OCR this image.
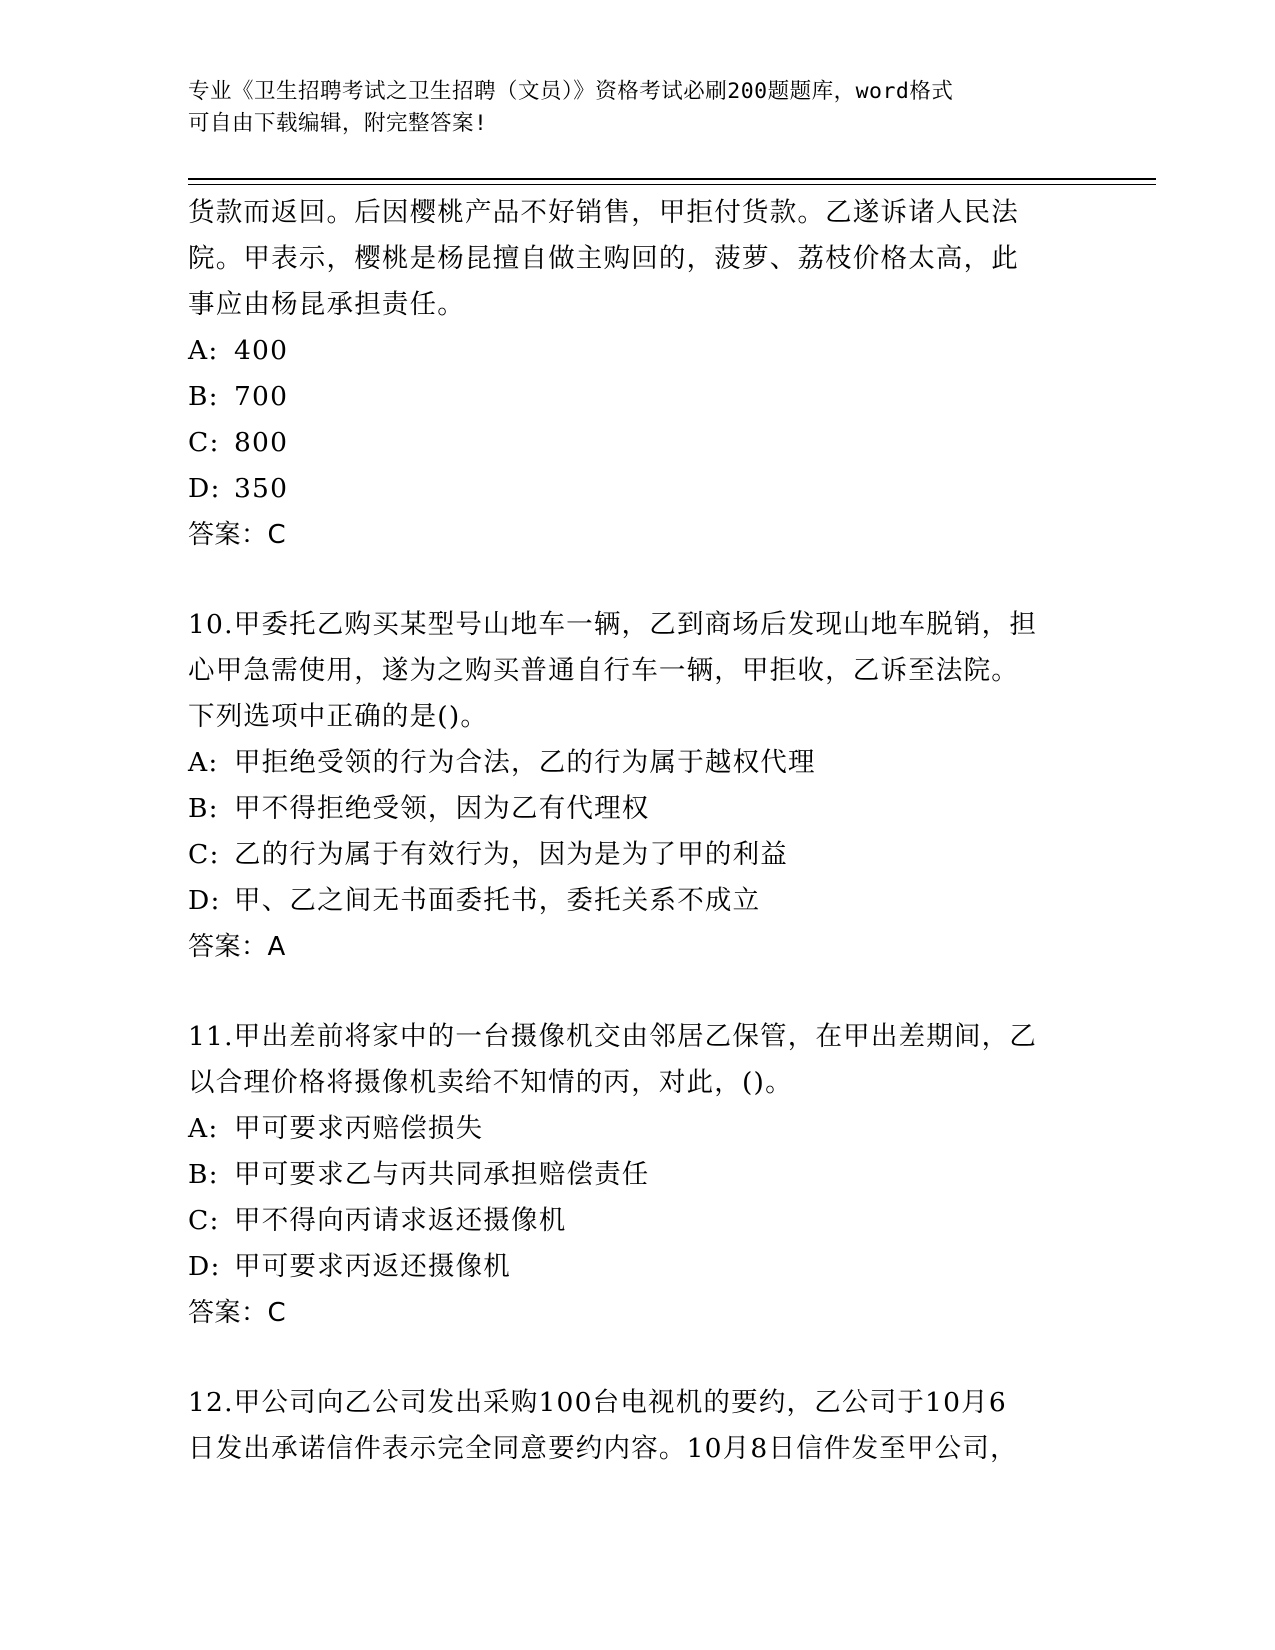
专业《卫生招聘考试之卫生招聘（文员）》资格考试必刷200题题库，word格式
可自由下载编辑，附完整答案!
货款而返回。后因樱桃产品不好销售，甲拒付货款。乙遂诉诸人民法
院。甲表示，樱桃是杨昆擅自做主购回的，菠萝、荔枝价格太高，此
事应由杨昆承担责任。
A: 400
B: 700
C: 800
D: 350
答案：C
10.甲委托乙购买某型号山地车一辆，乙到商场后发现山地车脱销，担
心甲急需使用，遂为之购买普通自行车一辆，甲拒收，乙诉至法院。
下列选项中正确的是()。
A: 甲拒绝受领的行为合法，乙的行为属于越权代理
B: 甲不得拒绝受领，因为乙有代理权
C: 乙的行为属于有效行为，因为是为了甲的利益
D: 甲、乙之间无书面委托书，委托关系不成立
答案：A
11.甲出差前将家中的一台摄像机交由邻居乙保管，在甲出差期间，乙
以合理价格将摄像机卖给不知情的丙，对此，()。
A: 甲可要求丙赔偿损失
B: 甲可要求乙与丙共同承担赔偿责任
C: 甲不得向丙请求返还摄像机
D: 甲可要求丙返还摄像机
答案：C
12.甲公司向乙公司发出采购100台电视机的要约，乙公司于10月6
日发出承诺信件表示完全同意要约内容。10月8日信件发至甲公司，
